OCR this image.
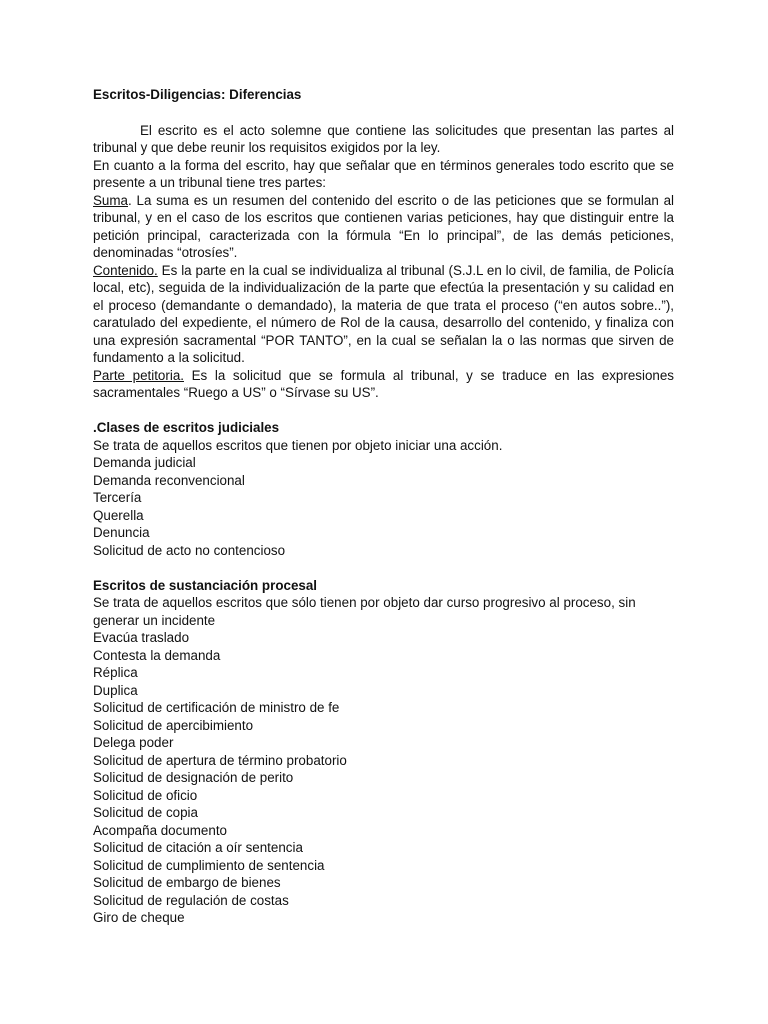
Escritos-Diligencias: Diferencias

El escrito es el acto solemne que contiene las solicitudes que presentan las partes al tribunal y que debe reunir los requisitos exigidos por la ley.

En cuanto a la forma del escrito, hay que señalar que en términos generales todo escrito que se presente a un tribunal tiene tres partes:

Suma. La suma es un resumen del contenido del escrito o de las peticiones que se formulan al tribunal, y en el caso de los escritos que contienen varias peticiones, hay que distinguir entre la petición principal, caracterizada con la fórmula “En lo principal”, de las demás peticiones, denominadas “otrosíes”.

Contenido. Es la parte en la cual se individualiza al tribunal (S.J.L en lo civil, de familia, de Policía local, etc), seguida de la individualización de la parte que efectúa la presentación y su calidad en el proceso (demandante o demandado), la materia de que trata el proceso (“en autos sobre..”), caratulado del expediente, el número de Rol de la causa, desarrollo del contenido, y finaliza con una expresión sacramental “POR TANTO”, en la cual se señalan la o las normas que sirven de fundamento a la solicitud.

Parte petitoria. Es la solicitud que se formula al tribunal, y se traduce en las expresiones sacramentales “Ruego a US” o “Sírvase su US”.

.Clases de escritos judiciales

Se trata de aquellos escritos que tienen por objeto iniciar una acción.

Demanda judicial
Demanda reconvencional
Tercería
Querella
Denuncia
Solicitud de acto no contencioso
Escritos de sustanciación procesal

Se trata de aquellos escritos que sólo tienen por objeto dar curso progresivo al proceso, sin generar un incidente

Evacúa traslado
Contesta la demanda
Réplica
Duplica
Solicitud de certificación de ministro de fe
Solicitud de apercibimiento
Delega poder
Solicitud de apertura de término probatorio
Solicitud de designación de perito
Solicitud de oficio
Solicitud de copia
Acompaña documento
Solicitud de citación a oír sentencia
Solicitud de cumplimiento de sentencia
Solicitud de embargo de bienes
Solicitud de regulación de costas
Giro de cheque
